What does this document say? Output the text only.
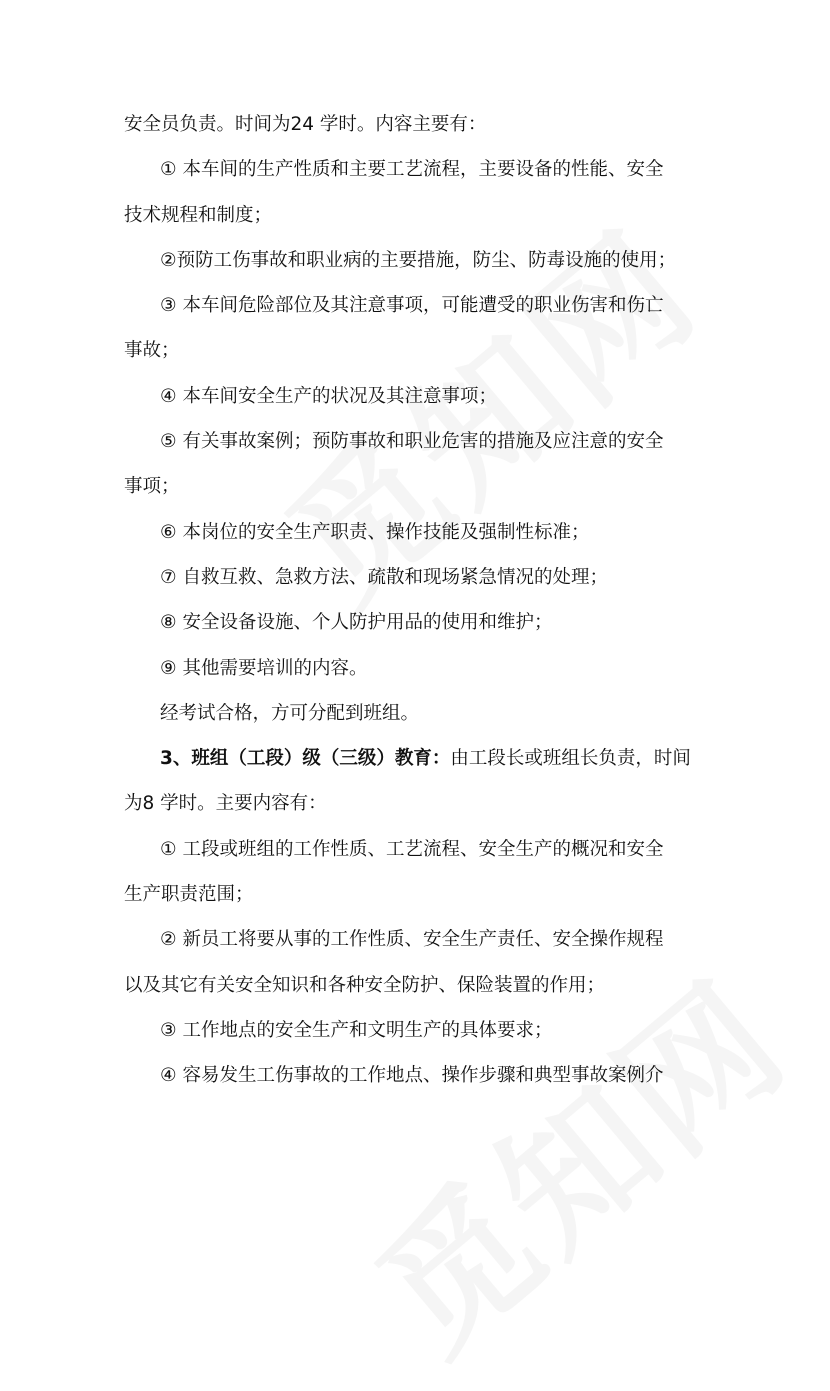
安全员负责。时间为24 学时。内容主要有：
① 本车间的生产性质和主要工艺流程，主要设备的性能、安全
技术规程和制度；
②预防工伤事故和职业病的主要措施，防尘、防毒设施的使用；
③ 本车间危险部位及其注意事项，可能遭受的职业伤害和伤亡
事故；
④ 本车间安全生产的状况及其注意事项；
⑤ 有关事故案例；预防事故和职业危害的措施及应注意的安全
事项；
⑥ 本岗位的安全生产职责、操作技能及强制性标准；
⑦ 自救互救、急救方法、疏散和现场紧急情况的处理；
⑧ 安全设备设施、个人防护用品的使用和维护；
⑨ 其他需要培训的内容。
经考试合格，方可分配到班组。
3、班组（工段）级（三级）教育：由工段长或班组长负责，时间
为8 学时。主要内容有：
① 工段或班组的工作性质、工艺流程、安全生产的概况和安全
生产职责范围；
② 新员工将要从事的工作性质、安全生产责任、安全操作规程
以及其它有关安全知识和各种安全防护、保险装置的作用；
③ 工作地点的安全生产和文明生产的具体要求；
④ 容易发生工伤事故的工作地点、操作步骤和典型事故案例介
